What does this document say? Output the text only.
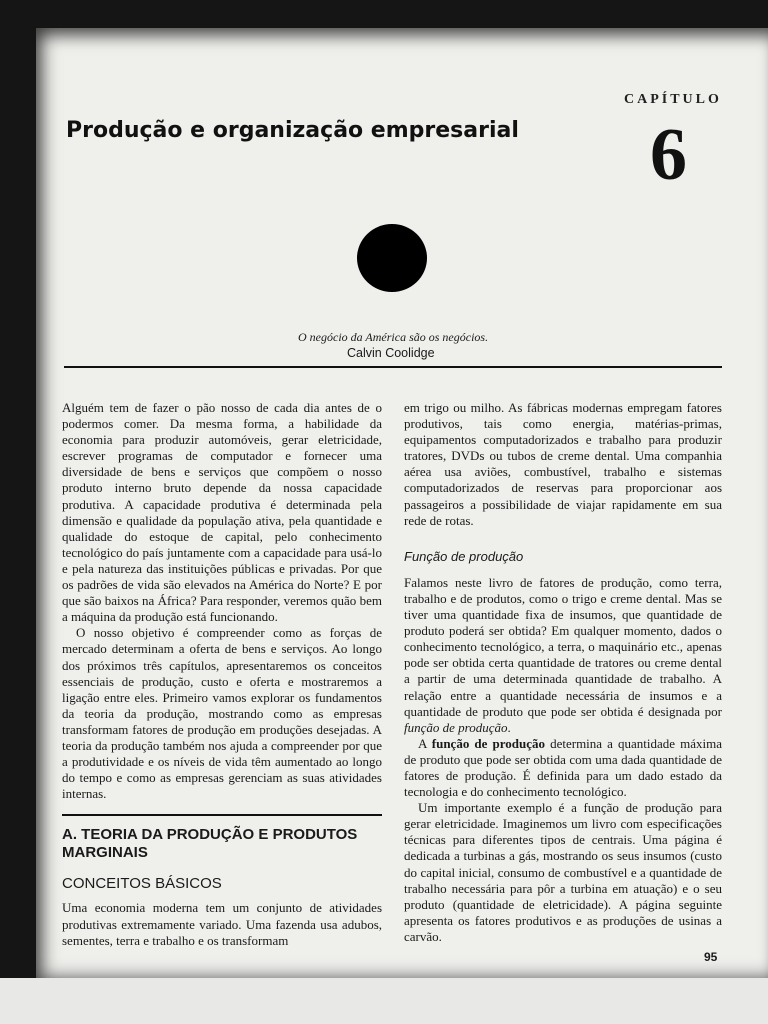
CAPÍTULO
6
Produção e organização empresarial
O negócio da América são os negócios.
Calvin Coolidge

Alguém tem de fazer o pão nosso de cada dia antes de o podermos comer. Da mesma forma, a habilidade da economia para produzir automóveis, gerar eletricidade, escrever programas de computador e fornecer uma diversidade de bens e serviços que compõem o nosso produto interno bruto depende da nossa capacidade produtiva. A capacidade produtiva é determinada pela dimensão e qualidade da população ativa, pela quantidade e qualidade do estoque de capital, pelo conhecimento tecnológico do país juntamente com a capacidade para usá-lo e pela natureza das instituições públicas e privadas. Por que os padrões de vida são elevados na América do Norte? E por que são baixos na África? Para responder, veremos quão bem a máquina da produção está funcionando.

O nosso objetivo é compreender como as forças de mercado determinam a oferta de bens e serviços. Ao longo dos próximos três capítulos, apresentaremos os conceitos essenciais de produção, custo e oferta e mostraremos a ligação entre eles. Primeiro vamos explorar os fundamentos da teoria da produção, mostrando como as empresas transformam fatores de produção em produções desejadas. A teoria da produção também nos ajuda a compreender por que a produtividade e os níveis de vida têm aumentado ao longo do tempo e como as empresas gerenciam as suas atividades internas.

A. TEORIA DA PRODUÇÃO E PRODUTOS MARGINAIS
CONCEITOS BÁSICOS

Uma economia moderna tem um conjunto de atividades produtivas extremamente variado. Uma fazenda usa adubos, sementes, terra e trabalho e os transformam

em trigo ou milho. As fábricas modernas empregam fatores produtivos, tais como energia, matérias-primas, equipamentos computadorizados e trabalho para produzir tratores, DVDs ou tubos de creme dental. Uma companhia aérea usa aviões, combustível, trabalho e sistemas computadorizados de reservas para proporcionar aos passageiros a possibilidade de viajar rapidamente em sua rede de rotas.

Função de produção

Falamos neste livro de fatores de produção, como terra, trabalho e de produtos, como o trigo e creme dental. Mas se tiver uma quantidade fixa de insumos, que quantidade de produto poderá ser obtida? Em qualquer momento, dados o conhecimento tecnológico, a terra, o maquinário etc., apenas pode ser obtida certa quantidade de tratores ou creme dental a partir de uma determinada quantidade de trabalho. A relação entre a quantidade necessária de insumos e a quantidade de produto que pode ser obtida é designada por função de produção.

A função de produção determina a quantidade máxima de produto que pode ser obtida com uma dada quantidade de fatores de produção. É definida para um dado estado da tecnologia e do conhecimento tecnológico.

Um importante exemplo é a função de produção para gerar eletricidade. Imaginemos um livro com especificações técnicas para diferentes tipos de centrais. Uma página é dedicada a turbinas a gás, mostrando os seus insumos (custo do capital inicial, consumo de combustível e a quantidade de trabalho necessária para pôr a turbina em atuação) e o seu produto (quantidade de eletricidade). A página seguinte apresenta os fatores produtivos e as produções de usinas a carvão.

95
